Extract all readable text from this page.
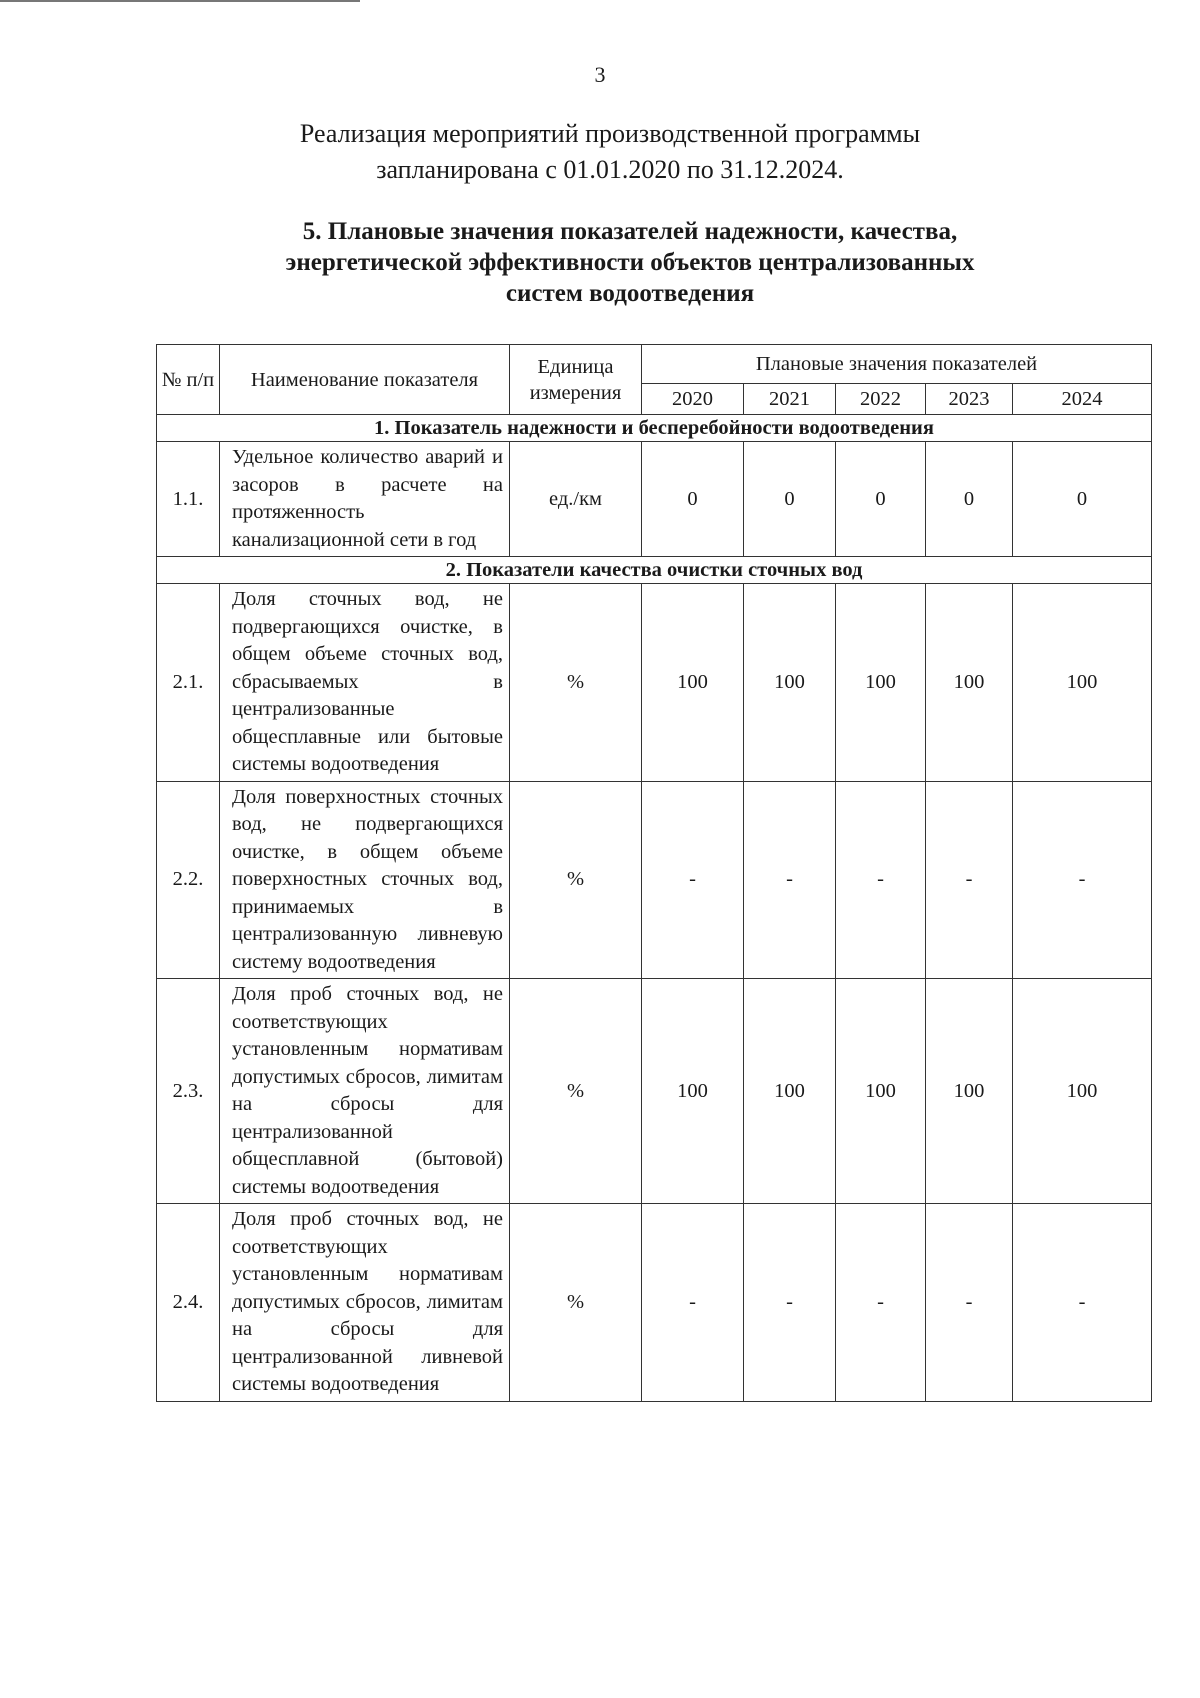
3
Реализация мероприятий производственной программы
запланирована с 01.01.2020 по 31.12.2024.
5. Плановые значения показателей надежности, качества,
энергетической эффективности объектов централизованных
систем водоотведения
№ п/п	Наименование показателя	Единица измерения	Плановые значения показателей				
			2020	2021	2022	2023	2024
1. Показатель надежности и бесперебойности водоотведения							
1.1.	Удельное количество аварий и засоров в расчете на протяженность канализационной сети в год	ед./км	0	0	0	0	0
2. Показатели качества очистки сточных вод							
2.1.	Доля сточных вод, не подвергающихся очистке, в общем объеме сточных вод, сбрасываемых в централизованные общесплавные или бытовые системы водоотведения	%	100	100	100	100	100
2.2.	Доля поверхностных сточных вод, не подвергающихся очистке, в общем объеме поверхностных сточных вод, принимаемых в централизованную ливневую систему водоотведения	%	-	-	-	-	-
2.3.	Доля проб сточных вод, не соответствующих установленным нормативам допустимых сбросов, лимитам на сбросы для централизованной общесплавной (бытовой) системы водоотведения	%	100	100	100	100	100
2.4.	Доля проб сточных вод, не соответствующих установленным нормативам допустимых сбросов, лимитам на сбросы для централизованной ливневой системы водоотведения	%	-	-	-	-	-
